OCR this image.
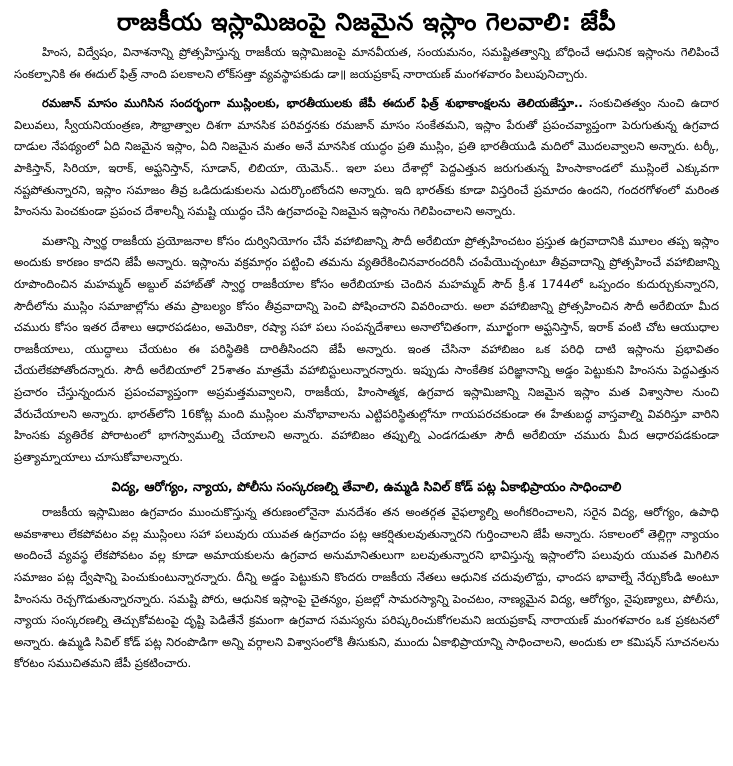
రాజకీయ ఇస్లామిజంపై నిజమైన ఇస్లాం గెలవాలి: జేపీ

హింస, విద్వేషం, వినాశనాన్ని ప్రోత్సహిస్తున్న రాజకీయ ఇస్లామిజంపై మానవీయత, సంయమనం, సమష్టితత్వాన్ని బోధించే ఆధునిక ఇస్లాంను గెలిపించే సంకల్పానికి ఈ ఈదుల్ ఫిత్ర్ నాంది పలకాలని లోక్‌సత్తా వ్యవస్థాపకుడు డా॥ జయప్రకాష్ నారాయణ్ మంగళవారం పిలుపునిచ్చారు.

రమజాన్ మాసం ముగిసిన సందర్భంగా ముస్లింలకు, భారతీయులకు జేపీ ఈదుల్ ఫిత్ర్ శుభాకాంక్షలను తెలియజేస్తూ.. సంకుచితత్వం నుంచి ఉదార విలువలు, స్వీయనియంత్రణ, సౌభ్రాత్వాల దిశగా మానసిక పరివర్తనకు రమజాన్ మాసం సంకేతమని, ఇస్లాం పేరుతో ప్రపంచవ్యాప్తంగా పెరుగుతున్న ఉగ్రవాద దాడుల నేపథ్యంలో ఏది నిజమైన ఇస్లాం, ఏది నిజమైన మతం అనే మానసిక యుద్ధం ప్రతి ముస్లిం, ప్రతి భారతీయుడి మదిలో మొదలవ్వాలని అన్నారు. టర్కీ, పాకిస్తాన్, సిరియా, ఇరాక్, అఫ్ఘనిస్తాన్, సూడాన్, లిబియా, యెమెన్.. ఇలా పలు దేశాల్లో పెద్దఎత్తున జరుగుతున్న హింసాకాండలో ముస్లింలే ఎక్కువగా నష్టపోతున్నారని, ఇస్లాం సమాజం తీవ్ర ఒడిదుడుకులను ఎదుర్కొంటోందని అన్నారు. ఇది భారత్‌కు కూడా విస్తరించే ప్రమాదం ఉందని, గందరగోళంలో మరింత హింసను పెంచకుండా ప్రపంచ దేశాలన్నీ సమష్టి యుద్ధం చేసి ఉగ్రవాదంపై నిజమైన ఇస్లాంను గెలిపించాలని అన్నారు.

మతాన్ని స్వార్థ రాజకీయ ప్రయోజనాల కోసం దుర్వినియోగం చేసే వహాబిజాన్ని సౌదీ అరేబియా ప్రోత్సహించటం ప్రస్తుత ఉగ్రవాదానికి మూలం తప్ప ఇస్లాం అందుకు కారణం కాదని జేపీ అన్నారు. ఇస్లాంను వక్రమార్గం పట్టించి తమను వ్యతిరేకించినవారందరినీ చంపేయొచ్చంటూ తీవ్రవాదాన్ని ప్రోత్సహించే వహాబిజాన్ని రూపొందించిన మహమ్మద్ అబ్దుల్ వహాబ్‌తో స్వార్థ రాజకీయాల కోసం అరేబియాకు చెందిన మహమ్మద్ సౌద్ క్రీ.శ 1744లో ఒప్పందం కుదుర్చుకున్నారని, సౌదీలోను ముస్లిం సమాజాల్లోను తమ ప్రాబల్యం కోసం తీవ్రవాదాన్ని పెంచి పోషించారని వివరించారు. అలా వహాబిజాన్ని ప్రోత్సహించిన సౌదీ అరేబియా మీద చమురు కోసం ఇతర దేశాలు ఆధారపడటం, అమెరికా, రష్యా సహా పలు సంపన్నదేశాలు అనాలోచితంగా, మూర్ఖంగా అఫ్ఘనిస్తాన్, ఇరాక్ వంటి చోట ఆయుధాల రాజకీయాలు, యుద్ధాలు చేయటం ఈ పరిస్థితికి దారితీసిందని జేపీ అన్నారు. ఇంత చేసినా వహాబిజం ఒక పరిధి దాటి ఇస్లాంను ప్రభావితం చేయలేకపోతోందన్నారు. సౌదీ అరేబియాలో 25శాతం మాత్రమే వహాబిస్టులున్నారన్నారు. ఇప్పుడు సాంకేతిక పరిజ్ఞానాన్ని అడ్డం పెట్టుకుని హింసను పెద్దఎత్తున ప్రచారం చేస్తున్నందున ప్రపంచవ్యాప్తంగా అప్రమత్తమవ్వాలని, రాజకీయ, హింసాత్మక, ఉగ్రవాద ఇస్లామిజాన్ని నిజమైన ఇస్లాం మత విశ్వాసాల నుంచి వేరుచేయాలని అన్నారు. భారత్‌లోని 16కోట్ల మంది ముస్లింల మనోభావాలను ఎట్టిపరిస్థితుల్లోనూ గాయపరచకుండా ఈ హేతుబద్ధ వాస్తవాల్ని వివరిస్తూ వారిని హింసకు వ్యతిరేక పోరాటంలో భాగస్వాముల్ని చేయాలని అన్నారు. వహాబిజం తప్పుల్ని ఎండగడుతూ సౌదీ అరేబియా చమురు మీద ఆధారపడకుండా ప్రత్యామ్నాయాలు చూసుకోవాలన్నారు.

విద్య, ఆరోగ్యం, న్యాయ, పోలీసు సంస్కరణల్ని తేవాలి, ఉమ్మడి సివిల్ కోడ్ పట్ల ఏకాభిప్రాయం సాధించాలి

రాజకీయ ఇస్లామిజం ఉగ్రవాదం ముంచుకొస్తున్న తరుణంలోనైనా మనదేశం తన అంతర్గత వైఫల్యాల్ని అంగీకరించాలని, సరైన విద్య, ఆరోగ్యం, ఉపాధి అవకాశాలు లేకపోవటం వల్ల ముస్లింలు సహా పలువురు యువత ఉగ్రవాదం పట్ల ఆకర్షితులవుతున్నారని గుర్తించాలని జేపీ అన్నారు. సకాలంలో తెల్లిగ్గా న్యాయం అందించే వ్యవస్థ లేకపోవటం వల్ల కూడా అమాయకులను ఉగ్రవాద అనుమానితులుగా బలవుతున్నారని భావిస్తున్న ఇస్లాంలోని పలువురు యువత మిగిలిన సమాజం పట్ల ద్వేషాన్ని పెంచుకుంటున్నారన్నారు. దీన్ని అడ్డం పెట్టుకుని కొందరు రాజకీయ నేతలు ఆధునిక చదువులొద్దు, ఛాందస భావాల్నే నేర్చుకోండి అంటూ హింసను రెచ్చగొడుతున్నారన్నారు. సమష్టి పోరు, ఆధునిక ఇస్లాంపై చైతన్యం, ప్రజల్లో సామరస్యాన్ని పెంచటం, నాణ్యమైన విద్య, ఆరోగ్యం, నైపుణ్యాలు, పోలీసు, న్యాయ సంస్కరణల్ని తెచ్చుకోవటంపై దృష్టి పెడితేనే క్రమంగా ఉగ్రవాద సమస్యను పరిష్కరించుకోగలమని జయప్రకాష్ నారాయణ్ మంగళవారం ఒక ప్రకటనలో అన్నారు. ఉమ్మడి సివిల్ కోడ్ పట్ల నిరంపొడిగా అన్ని వర్గాలని విశ్వాసంలోకి తీసుకుని, ముందు ఏకాభిప్రాయాన్ని సాధించాలని, అందుకు లా కమిషన్ సూచనలను కోరటం సముచితమని జేపీ ప్రకటించారు.
